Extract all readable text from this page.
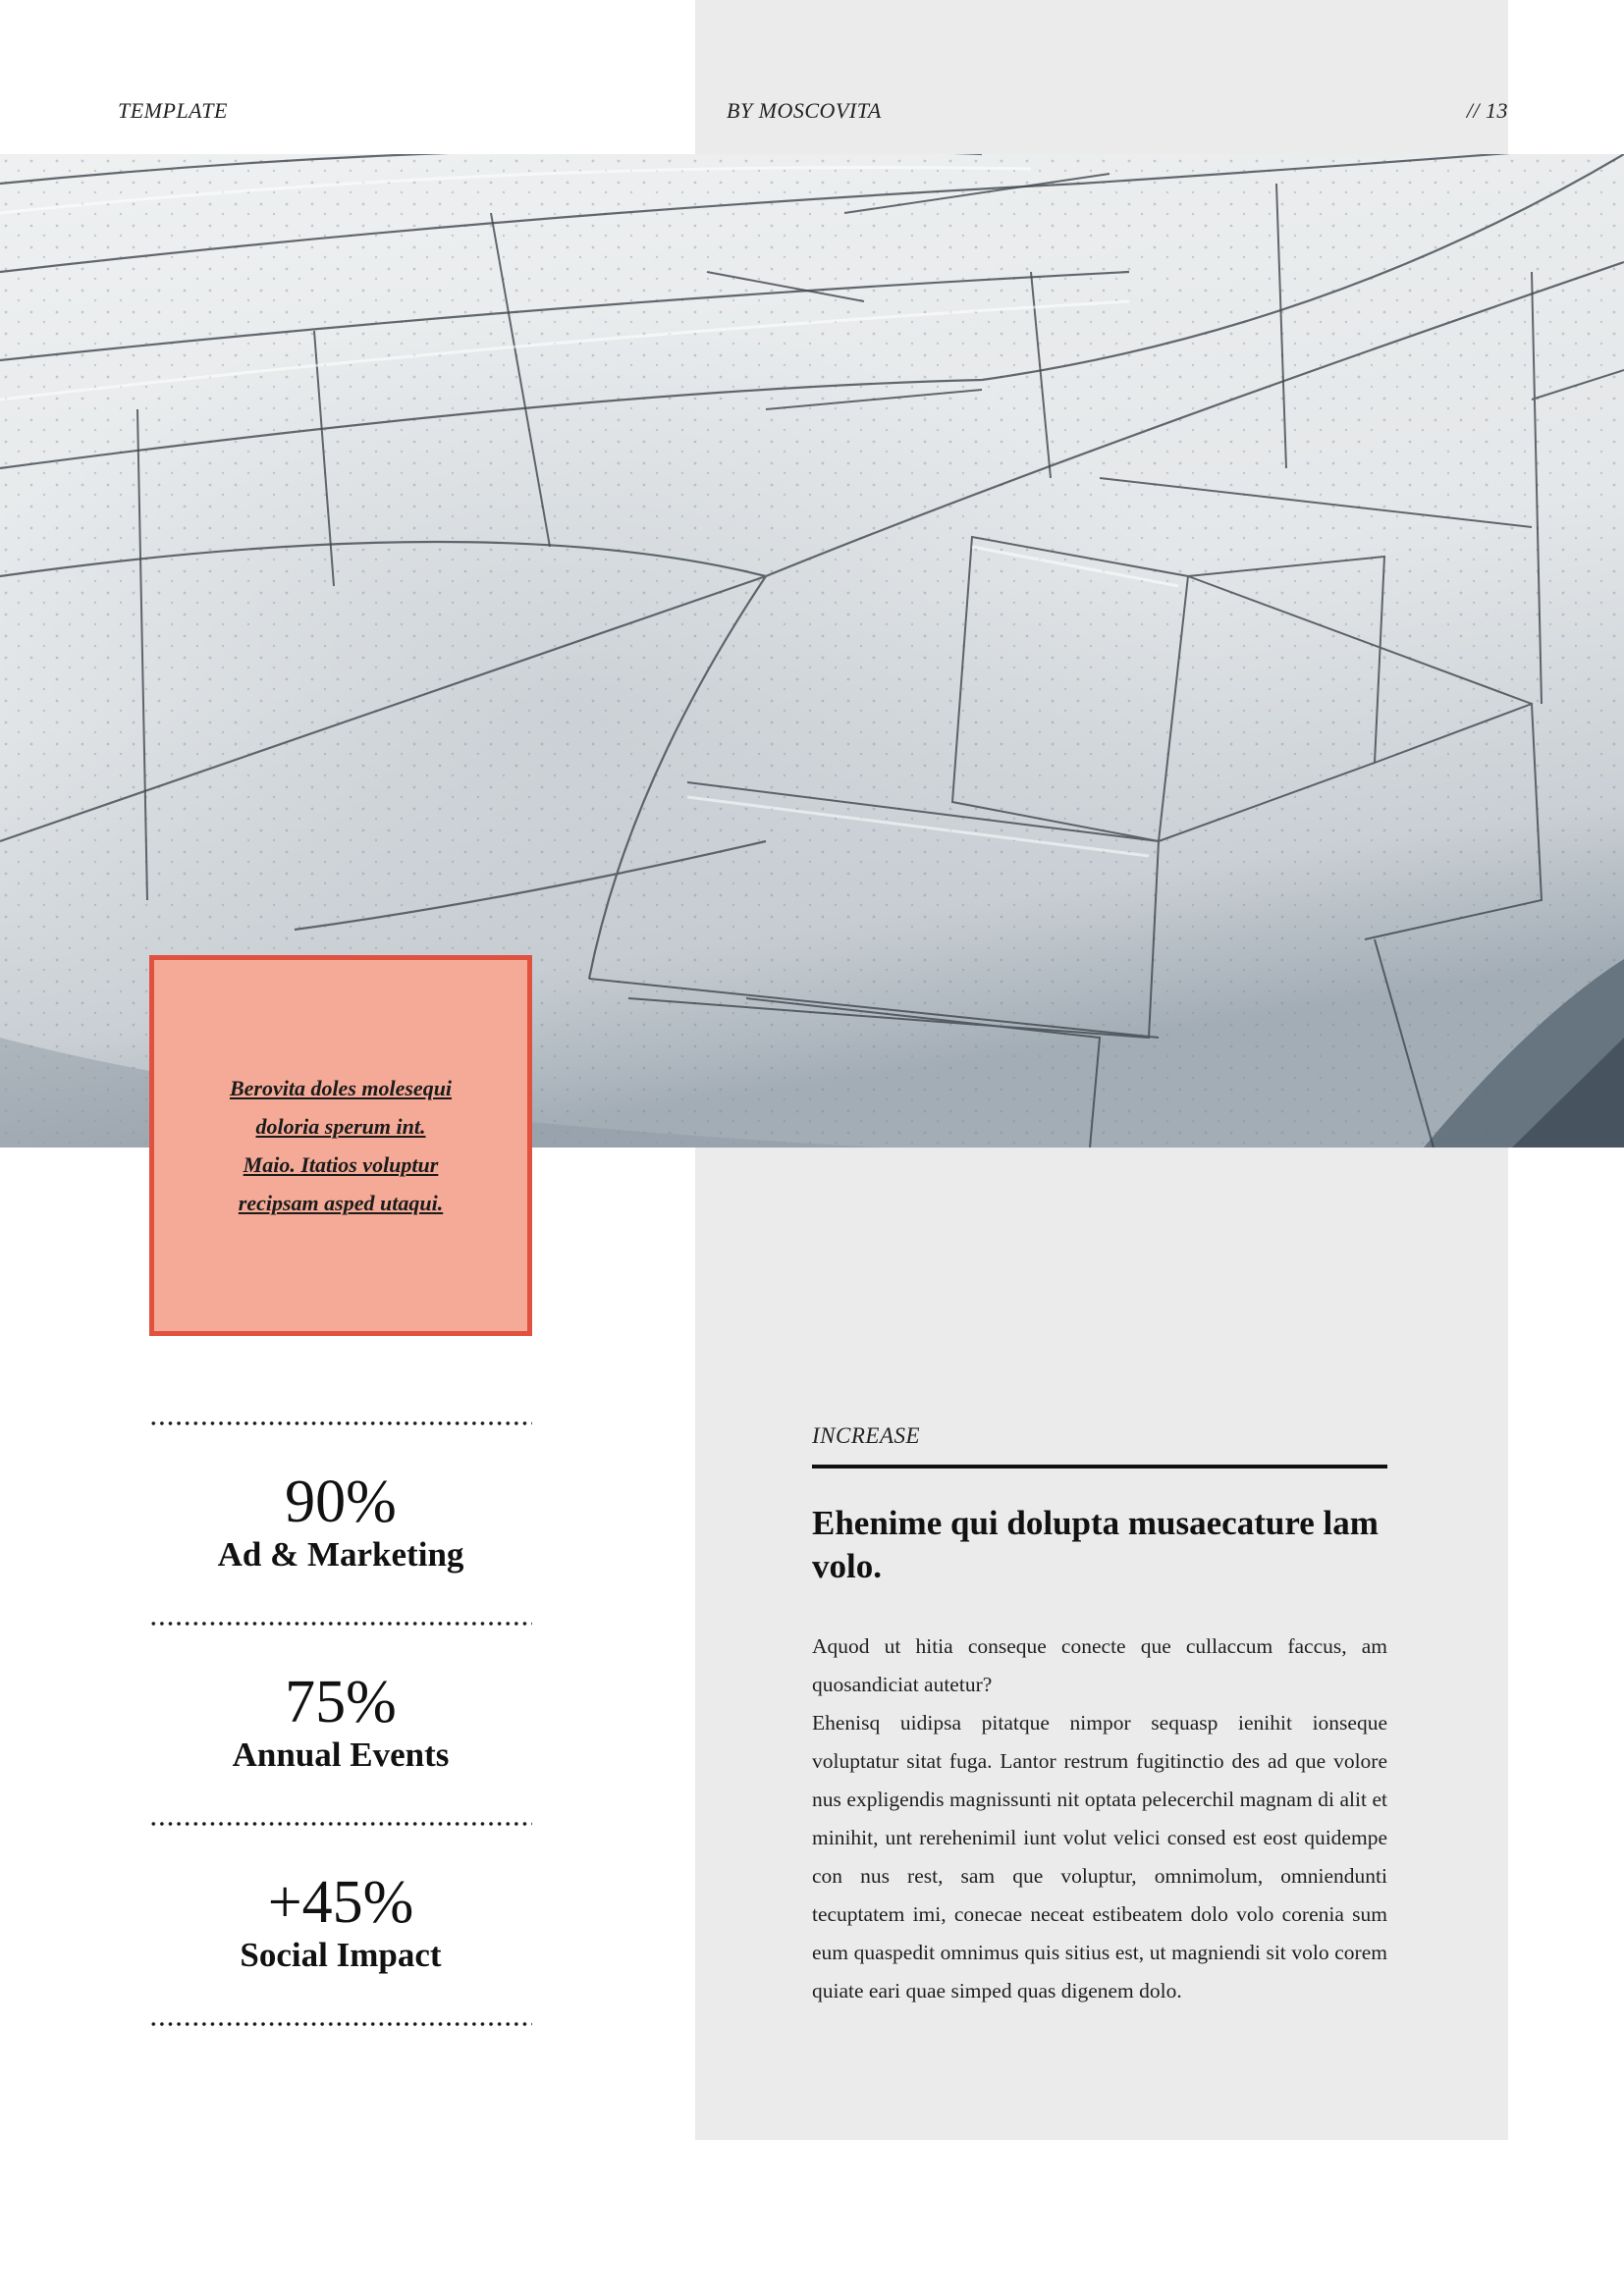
TEMPLATE	BY MOSCOVITA	// 13
Berovita doles molesequi
doloria sperum int.
Maio. Itatios voluptur
recipsam asped utaqui.
90%
Ad & Marketing
75%
Annual Events
+45%
Social Impact
INCREASE
Ehenime qui dolupta musaecature lam volo.

Aquod ut hitia conseque conecte que cullaccum faccus, am quosandiciat autetur?

Ehenisq uidipsa pitatque nimpor sequasp ienihit ionseque voluptatur sitat fuga. Lantor restrum fugitinctio des ad que volore nus expligendis magnissunti nit optata pelecerchil magnam di alit et minihit, unt rerehenimil iunt volut velici consed est eost quidempe con nus rest, sam que voluptur, omnimolum, omniendunti tecuptatem imi, conecae neceat estibeatem dolo volo corenia sum eum quaspedit omnimus quis sitius est, ut magniendi sit volo corem quiate eari quae simped quas digenem dolo.
